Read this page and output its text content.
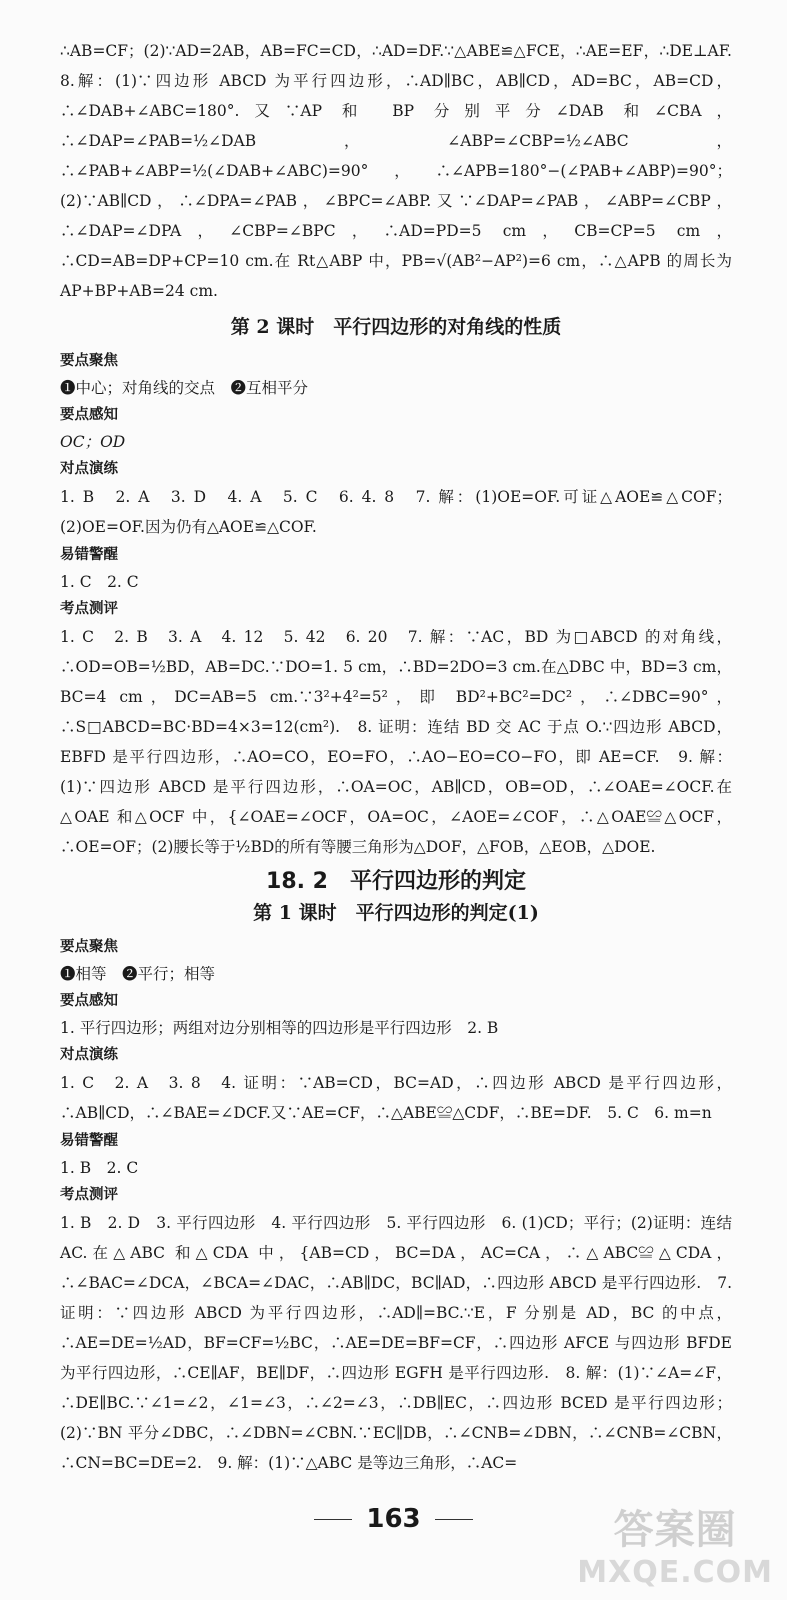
∴AB=CF；(2)∵AD=2AB，AB=FC=CD，∴AD=DF.∵△ABE≌△FCE，∴AE=EF，∴DE⊥AF.　8.解：(1)∵四边形 ABCD 为平行四边形，∴AD∥BC，AB∥CD，AD=BC，AB=CD，∴∠DAB+∠ABC=180°.又∵AP 和 BP 分别平分∠DAB 和∠CBA，∴∠DAP=∠PAB=½∠DAB，∠ABP=∠CBP=½∠ABC，∴∠PAB+∠ABP=½(∠DAB+∠ABC)=90°，∴∠APB=180°−(∠PAB+∠ABP)=90°；(2)∵AB∥CD，∴∠DPA=∠PAB，∠BPC=∠ABP.又∵∠DAP=∠PAB，∠ABP=∠CBP，∴∠DAP=∠DPA，∠CBP=∠BPC，∴AD=PD=5 cm，CB=CP=5 cm，∴CD=AB=DP+CP=10 cm.在 Rt△ABP 中，PB=√(AB²−AP²)=6 cm，∴△APB 的周长为 AP+BP+AB=24 cm.

第 2 课时　平行四边形的对角线的性质

要点聚焦

❶中心；对角线的交点　❷互相平分

要点感知

OC；OD

对点演练

1. B　2. A　3. D　4. A　5. C　6. 4. 8　7. 解：(1)OE=OF.可证△AOE≌△COF；(2)OE=OF.因为仍有△AOE≌△COF.

易错警醒

1. C　2. C

考点测评

1. C　2. B　3. A　4. 12　5. 42　6. 20　7. 解：∵AC，BD 为□ABCD 的对角线，∴OD=OB=½BD，AB=DC.∵DO=1. 5 cm，∴BD=2DO=3 cm.在△DBC 中，BD=3 cm，BC=4 cm，DC=AB=5 cm.∵3²+4²=5²，即 BD²+BC²=DC²，∴∠DBC=90°，∴S□ABCD=BC·BD=4×3=12(cm²).　8. 证明：连结 BD 交 AC 于点 O.∵四边形 ABCD，EBFD 是平行四边形，∴AO=CO，EO=FO，∴AO−EO=CO−FO，即 AE=CF.　9. 解：(1)∵四边形 ABCD 是平行四边形，∴OA=OC，AB∥CD，OB=OD，∴∠OAE=∠OCF.在△OAE 和△OCF 中，{∠OAE=∠OCF，OA=OC，∠AOE=∠COF，∴△OAE≌△OCF，∴OE=OF；(2)腰长等于½BD的所有等腰三角形为△DOF，△FOB，△EOB，△DOE.

18. 2　平行四边形的判定
第 1 课时　平行四边形的判定(1)

要点聚焦

❶相等　❷平行；相等

要点感知

1. 平行四边形；两组对边分别相等的四边形是平行四边形　2. B

对点演练

1. C　2. A　3. 8　4. 证明：∵AB=CD，BC=AD，∴四边形 ABCD 是平行四边形，∴AB∥CD，∴∠BAE=∠DCF.又∵AE=CF，∴△ABE≌△CDF，∴BE=DF.　5. C　6. m=n

易错警醒

1. B　2. C

考点测评

1. B　2. D　3. 平行四边形　4. 平行四边形　5. 平行四边形　6. (1)CD；平行；(2)证明：连结 AC.在△ABC 和△CDA 中，{AB=CD，BC=DA，AC=CA，∴△ABC≌△CDA，∴∠BAC=∠DCA，∠BCA=∠DAC，∴AB∥DC，BC∥AD，∴四边形 ABCD 是平行四边形.　7. 证明：∵四边形 ABCD 为平行四边形，∴AD∥=BC.∵E，F 分别是 AD，BC 的中点，∴AE=DE=½AD，BF=CF=½BC，∴AE=DE=BF=CF，∴四边形 AFCE 与四边形 BFDE 为平行四边形，∴CE∥AF，BE∥DF，∴四边形 EGFH 是平行四边形.　8. 解：(1)∵∠A=∠F，∴DE∥BC.∵∠1=∠2，∠1=∠3，∴∠2=∠3，∴DB∥EC，∴四边形 BCED 是平行四边形；(2)∵BN 平分∠DBC，∴∠DBN=∠CBN.∵EC∥DB，∴∠CNB=∠DBN，∴∠CNB=∠CBN，∴CN=BC=DE=2.　9. 解：(1)∵△ABC 是等边三角形，∴AC=

163	答案圈
MXQE.COM
